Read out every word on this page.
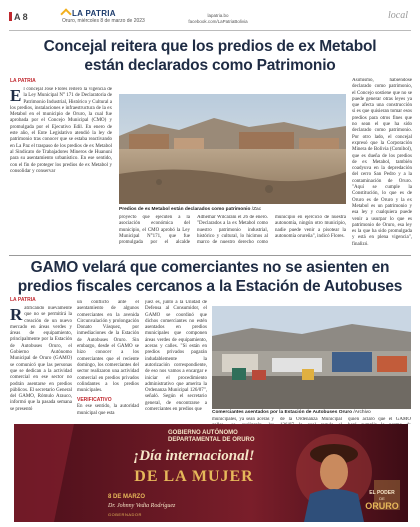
A 8	LA PATRIA
Oruro, miércoles 8 de marzo de 2023
lapatria.bo
facebook.com/LaPatriaBolivia
local
Concejal reitera que los predios de ex Metabol
están declarados como Patrimonio
LA PATRIA
El concejal José Flores reiteró la vigencia de la Ley Municipal N° 171 de Declaratoria de Patrimonio Industrial, Histórico y Cultural a los predios, instalaciones e infraestructura de la ex Metabol en el municipio de Oruro, la cual fue aprobada por el Concejo Municipal (CMO) y promulgada por el Ejecutivo Edil. En enero de este año, el Ente Legislativo atendió la ley de patrimonio tras conocer que se estaba reactivando en La Paz el traspaso de los predios de ex Metabol al Sindicato de Trabajadores Mineros de Huanuni para su asentamiento urbanístico. En ese sentido, con el fin de proteger los predios de ex Metabol y consolidar y conservar
Predios de ex Metabol están declarados como patrimonio /Zac
proyecto que ejecuten a la asociación económica del municipio, el CMO aprobó la Ley Municipal N°171, que fue promulgada por el alcalde Adhemar Wilcarani el 26 de enero. "Declarados a la ex Metabol como nuestro patrimonio industrial, histórico y cultural, lo hicimos al marco de nuestro derecho como municipio en ejercicio de nuestra autonomía, ningún otro municipio, nadie puede venir a pisotear la autonomía orureña", indicó Flores.
Asimismo, habiéndose declarado como patrimonio, el Concejo sostiene que no se puede generar otras leyes ya que afecta una construcción si es que quisieran tomar esos predios para otros fines que no sean el que ha sido declarado como patrimonio. Por otro lado, el concejal expresó que la Corporación Minera de Bolivia (Comibol), que es dueña de los predios de ex Metabol, también coadyuva en la depredación del cerro San Pedro y a la contaminación de Oruro. "Aquí se cumple la Constitución, lo que es de Oruro es de Oruro y la ex Metabol es un patrimonio y esa ley y cualquiera puede venir a usurpar lo que es patrimonio de Oruro, esa ley es la que ha sido promulgada y está en plena vigencia", finalizó.
GAMO velará que comerciantes no se asienten en
predios fiscales cercanos a la Estación de Autobuses
LA PATRIA
Ratificando nuevamente que no se permitirá la creación de un nuevo mercado en áreas verdes y áreas de equipamiento, principalmente por la Estación de Autobuses Oruro, el Gobierno Autónomo Municipal de Oruro (GAMO) se comunicó que las personas que se dedican a la actividad comercial en ese sector no podrán asentarse en predios públicos. El secretario General del GAMO, Rómulo Arauco, informó que la pasada semana se presentó
un conflicto ante el asentamiento de algunos comerciantes en la avenida Circunvalación y prolongación Donato Vásquez, por inmediaciones de la Estación de Autobuses Oruro. Sin embargo, desde el GAMO se hizo conocer a los comerciantes que el reciente domingo, los comerciantes del sector realizaron una actividad comercial en predios privados colindantes a los predios municipales.
VERIFICATIVO
En ese sentido, la autoridad municipal que esta
juez es, junto a la Unidad de Defensa al Consumidor, el GAMO se coordinó que dichos comerciantes no estén asentados en predios municipales que componen áreas verdes de equipamiento, aceras y calles. "Si están en predios privados pagarán indudablemente la autorización correspondiente, de eso nos vamos a encargar e iniciar el procedimiento administrativo que amerita la Ordenanza Municipal 126/07", señaló. Según el secretario general, de encontrarse a comerciantes en predios que
Comerciantes asentados por la Estación de Autobuses Oruro /Archivo
GOBIERNO AUTÓNOMO
DEPARTAMENTAL DE ORURO
¡Día internacional!
DE LA MUJER
8 DE MARZO
Dr. Johnny Vedia Rodríguez
GOBERNADOR
EL PODER
DE
ORURO
municipales, ya sean aceras y de la Ordenanza Municipal quien aclaró que el GAMO
